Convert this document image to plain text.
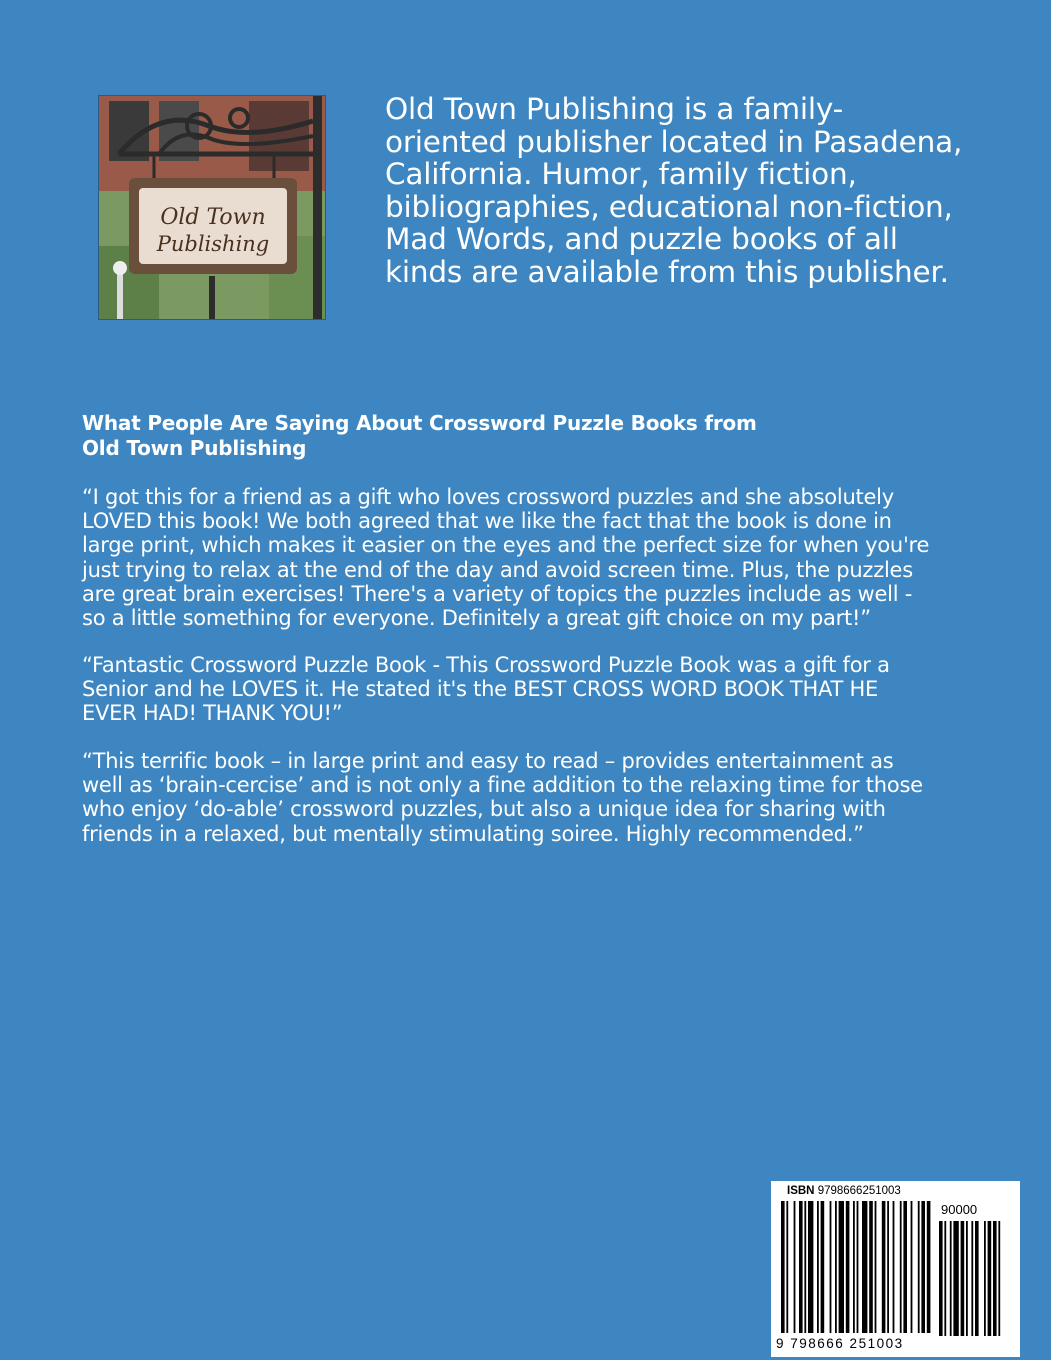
Old Town
Publishing
Old Town Publishing is a family-
oriented publisher located in Pasadena,
California. Humor, family fiction,
bibliographies, educational non-fiction,
Mad Words, and puzzle books of all
kinds are available from this publisher.
What People Are Saying About Crossword Puzzle Books from
Old Town Publishing
“I got this for a friend as a gift who loves crossword puzzles and she absolutely
LOVED this book! We both agreed that we like the fact that the book is done in
large print, which makes it easier on the eyes and the perfect size for when you're
just trying to relax at the end of the day and avoid screen time. Plus, the puzzles
are great brain exercises! There's a variety of topics the puzzles include as well -
so a little something for everyone. Definitely a great gift choice on my part!”
“Fantastic Crossword Puzzle Book - This Crossword Puzzle Book was a gift for a
Senior and he LOVES it. He stated it's the BEST CROSS WORD BOOK THAT HE
EVER HAD! THANK YOU!”
“This terrific book – in large print and easy to read – provides entertainment as
well as ‘brain-cercise’ and is not only a fine addition to the relaxing time for those
who enjoy ‘do-able’ crossword puzzles, but also a unique idea for sharing with
friends in a relaxed, but mentally stimulating soiree. Highly recommended.”
ISBN 9798666251003
90000
9 798666 251003
